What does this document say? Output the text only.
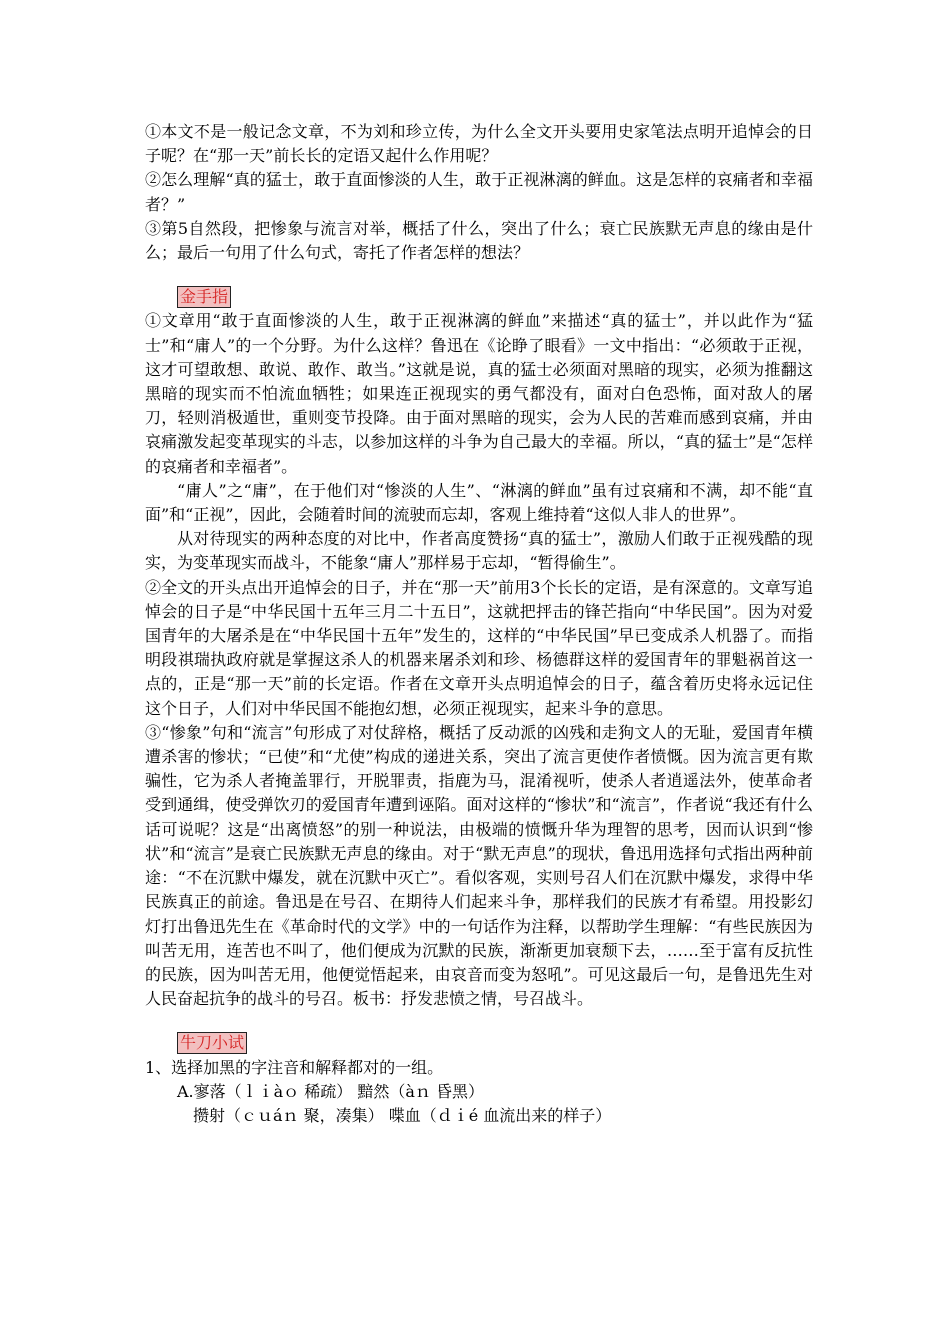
①本文不是一般记念文章，不为刘和珍立传，为什么全文开头要用史家笔法点明开追悼会的日子呢？在“那一天”前长长的定语又起什么作用呢？

②怎么理解“真的猛士，敢于直面惨淡的人生，敢于正视淋漓的鲜血。这是怎样的哀痛者和幸福者？”

③第5自然段，把惨象与流言对举，概括了什么，突出了什么；衰亡民族默无声息的缘由是什么；最后一句用了什么句式，寄托了作者怎样的想法？

金手指

①文章用“敢于直面惨淡的人生，敢于正视淋漓的鲜血”来描述“真的猛士”，并以此作为“猛士”和“庸人”的一个分野。为什么这样？鲁迅在《论睁了眼看》一文中指出：“必须敢于正视，这才可望敢想、敢说、敢作、敢当。”这就是说，真的猛士必须面对黑暗的现实，必须为推翻这黑暗的现实而不怕流血牺牲；如果连正视现实的勇气都没有，面对白色恐怖，面对敌人的屠刀，轻则消极遁世，重则变节投降。由于面对黑暗的现实，会为人民的苦难而感到哀痛，并由哀痛激发起变革现实的斗志，以参加这样的斗争为自己最大的幸福。所以，“真的猛士”是“怎样的哀痛者和幸福者”。

“庸人”之“庸”，在于他们对“惨淡的人生”、“淋漓的鲜血”虽有过哀痛和不满，却不能“直面”和“正视”，因此，会随着时间的流驶而忘却，客观上维持着“这似人非人的世界”。

从对待现实的两种态度的对比中，作者高度赞扬“真的猛士”，激励人们敢于正视残酷的现实，为变革现实而战斗，不能象“庸人”那样易于忘却，“暂得偷生”。

②全文的开头点出开追悼会的日子，并在“那一天”前用3个长长的定语，是有深意的。文章写追悼会的日子是“中华民国十五年三月二十五日”，这就把抨击的锋芒指向“中华民国”。因为对爱国青年的大屠杀是在“中华民国十五年”发生的，这样的“中华民国”早已变成杀人机器了。而指明段祺瑞执政府就是掌握这杀人的机器来屠杀刘和珍、杨德群这样的爱国青年的罪魁祸首这一点的，正是“那一天”前的长定语。作者在文章开头点明追悼会的日子，蕴含着历史将永远记住这个日子，人们对中华民国不能抱幻想，必须正视现实，起来斗争的意思。

③“惨象”句和“流言”句形成了对仗辞格，概括了反动派的凶残和走狗文人的无耻，爱国青年横遭杀害的惨状；“已使”和“尤使”构成的递进关系，突出了流言更使作者愤慨。因为流言更有欺骗性，它为杀人者掩盖罪行，开脱罪责，指鹿为马，混淆视听，使杀人者逍遥法外，使革命者受到通缉，使受弹饮刃的爱国青年遭到诬陷。面对这样的“惨状”和“流言”，作者说“我还有什么话可说呢？这是“出离愤怒”的别一种说法，由极端的愤慨升华为理智的思考，因而认识到“惨状”和“流言”是衰亡民族默无声息的缘由。对于“默无声息”的现状，鲁迅用选择句式指出两种前途：“不在沉默中爆发，就在沉默中灭亡”。看似客观，实则号召人们在沉默中爆发，求得中华民族真正的前途。鲁迅是在号召、在期待人们起来斗争，那样我们的民族才有希望。用投影幻灯打出鲁迅先生在《革命时代的文学》中的一句话作为注释，以帮助学生理解：“有些民族因为叫苦无用，连苦也不叫了，他们便成为沉默的民族，渐渐更加衰颓下去，……至于富有反抗性的民族，因为叫苦无用，他便觉悟起来，由哀音而变为怒吼”。可见这最后一句，是鲁迅先生对人民奋起抗争的战斗的号召。板书：抒发悲愤之情，号召战斗。

牛刀小试

1、选择加黑的字注音和解释都对的一组。

A.寥落（ｌｉàｏ 稀疏） 黯然（àｎ 昏黑）

攒射（ｃｕáｎ 聚，凑集） 喋血（ｄｉé 血流出来的样子）
